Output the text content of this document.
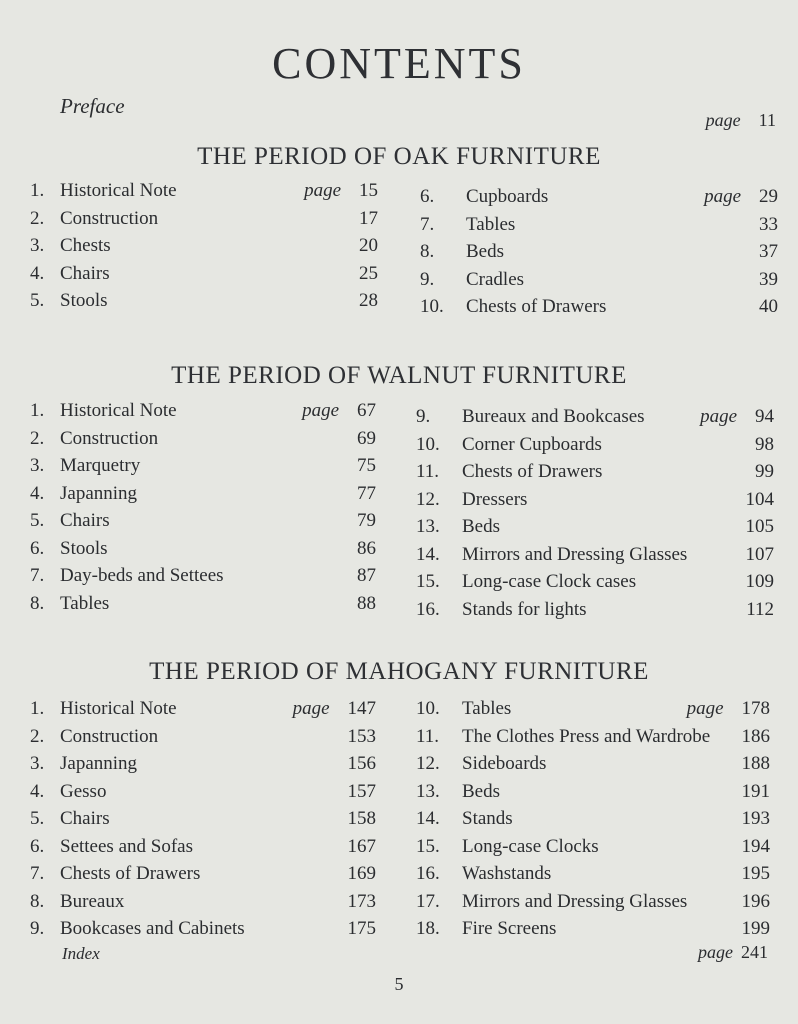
CONTENTS
Preface
page 11
THE PERIOD OF OAK FURNITURE
1. Historical Note	page 15
2. Construction	17
3. Chests	20
4. Chairs	25
5. Stools	28
6.	Cupboards	page 29
7.	Tables	33
8.	Beds	37
9.	Cradles	39
10.	Chests of Drawers	40
THE PERIOD OF WALNUT FURNITURE
1. Historical Note	page 67
2. Construction	69
3. Marquetry	75
4. Japanning	77
5. Chairs	79
6. Stools	86
7. Day-beds and Settees	87
8. Tables	88
9.	Bureaux and Bookcases	page 94
10.	Corner Cupboards	98
11.	Chests of Drawers	99
12.	Dressers	104
13.	Beds	105
14.	Mirrors and Dressing Glasses	107
15.	Long-case Clock cases	109
16.	Stands for lights	112
THE PERIOD OF MAHOGANY FURNITURE
1. Historical Note	page 147
2. Construction	153
3. Japanning	156
4. Gesso	157
5. Chairs	158
6. Settees and Sofas	167
7. Chests of Drawers	169
8. Bureaux	173
9. Bookcases and Cabinets	175
10.	Tables	page 178
11.	The Clothes Press and Wardrobe 186
12.	Sideboards	188
13.	Beds	191
14.	Stands	193
15.	Long-case Clocks	194
16.	Washstands	195
17.	Mirrors and Dressing Glasses	196
18.	Fire Screens	199
Index	page 241
5
